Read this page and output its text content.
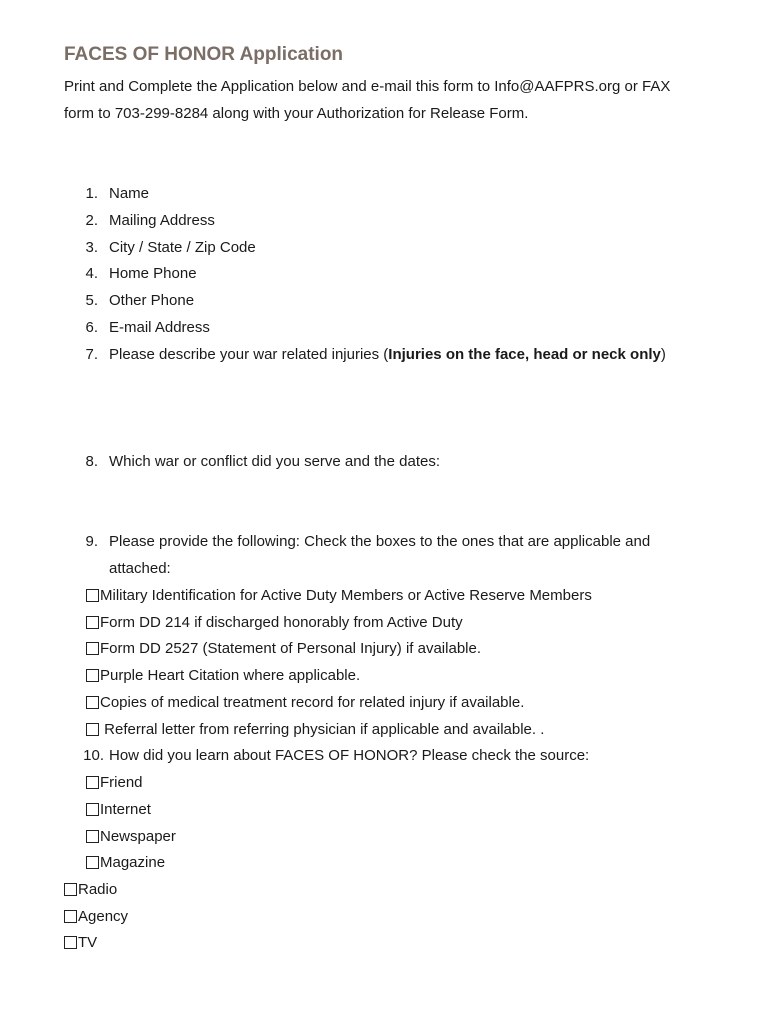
FACES OF HONOR Application
Print and Complete the Application below and e-mail this form to Info@AAFPRS.org or FAX
form to 703-299-8284 along with your Authorization for Release Form.
1. Name
2. Mailing Address
3. City / State / Zip Code
4. Home Phone
5. Other Phone
6. E-mail Address
7. Please describe your war related injuries (Injuries on the face, head or neck only)
8. Which war or conflict did you serve and the dates:
9. Please provide the following: Check the boxes to the ones that are applicable and
attached:
Military Identification for Active Duty Members or Active Reserve Members
Form DD 214 if discharged honorably from Active Duty
Form DD 2527 (Statement of Personal Injury) if available.
Purple Heart Citation where applicable.
Copies of medical treatment record for related injury if available.
Referral letter from referring physician if applicable and available. .
10. How did you learn about FACES OF HONOR? Please check the source:
Friend
Internet
Newspaper
Magazine
Radio
Agency
TV
